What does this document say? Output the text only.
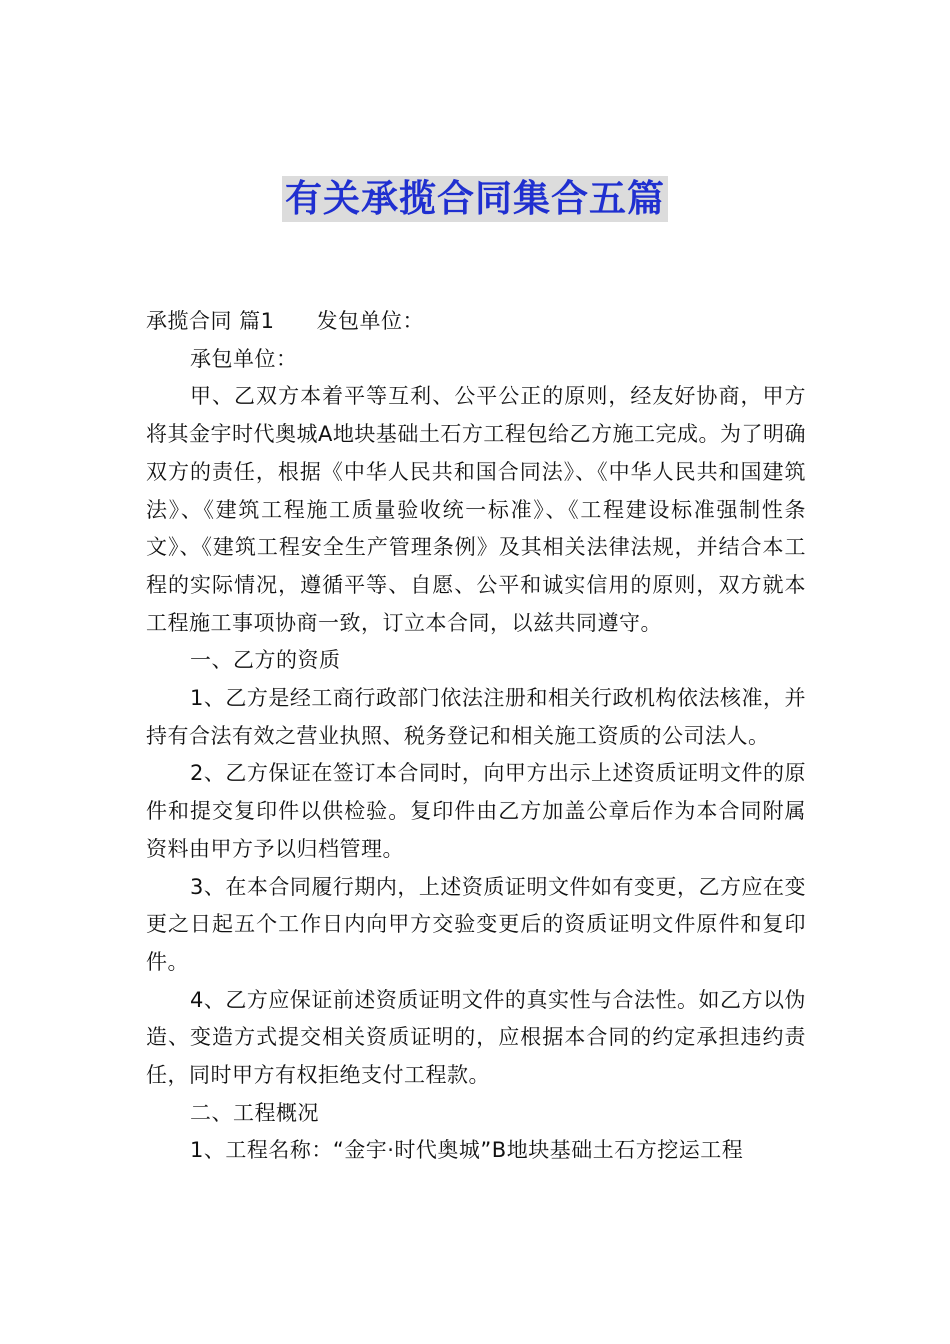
有关承揽合同集合五篇

承揽合同 篇1 发包单位：

承包单位：

甲、乙双方本着平等互利、公平公正的原则，经友好协商，甲方将其金宇时代奥城A地块基础土石方工程包给乙方施工完成。为了明确双方的责任，根据《中华人民共和国合同法》、《中华人民共和国建筑法》、《建筑工程施工质量验收统一标准》、《工程建设标准强制性条文》、《建筑工程安全生产管理条例》及其相关法律法规，并结合本工程的实际情况，遵循平等、自愿、公平和诚实信用的原则，双方就本工程施工事项协商一致，订立本合同，以兹共同遵守。

一、乙方的资质

1、乙方是经工商行政部门依法注册和相关行政机构依法核准，并持有合法有效之营业执照、税务登记和相关施工资质的公司法人。

2、乙方保证在签订本合同时，向甲方出示上述资质证明文件的原件和提交复印件以供检验。复印件由乙方加盖公章后作为本合同附属资料由甲方予以归档管理。

3、在本合同履行期内，上述资质证明文件如有变更，乙方应在变更之日起五个工作日内向甲方交验变更后的资质证明文件原件和复印件。

4、乙方应保证前述资质证明文件的真实性与合法性。如乙方以伪造、变造方式提交相关资质证明的，应根据本合同的约定承担违约责任，同时甲方有权拒绝支付工程款。

二、工程概况

1、工程名称：“金宇·时代奥城”B地块基础土石方挖运工程
